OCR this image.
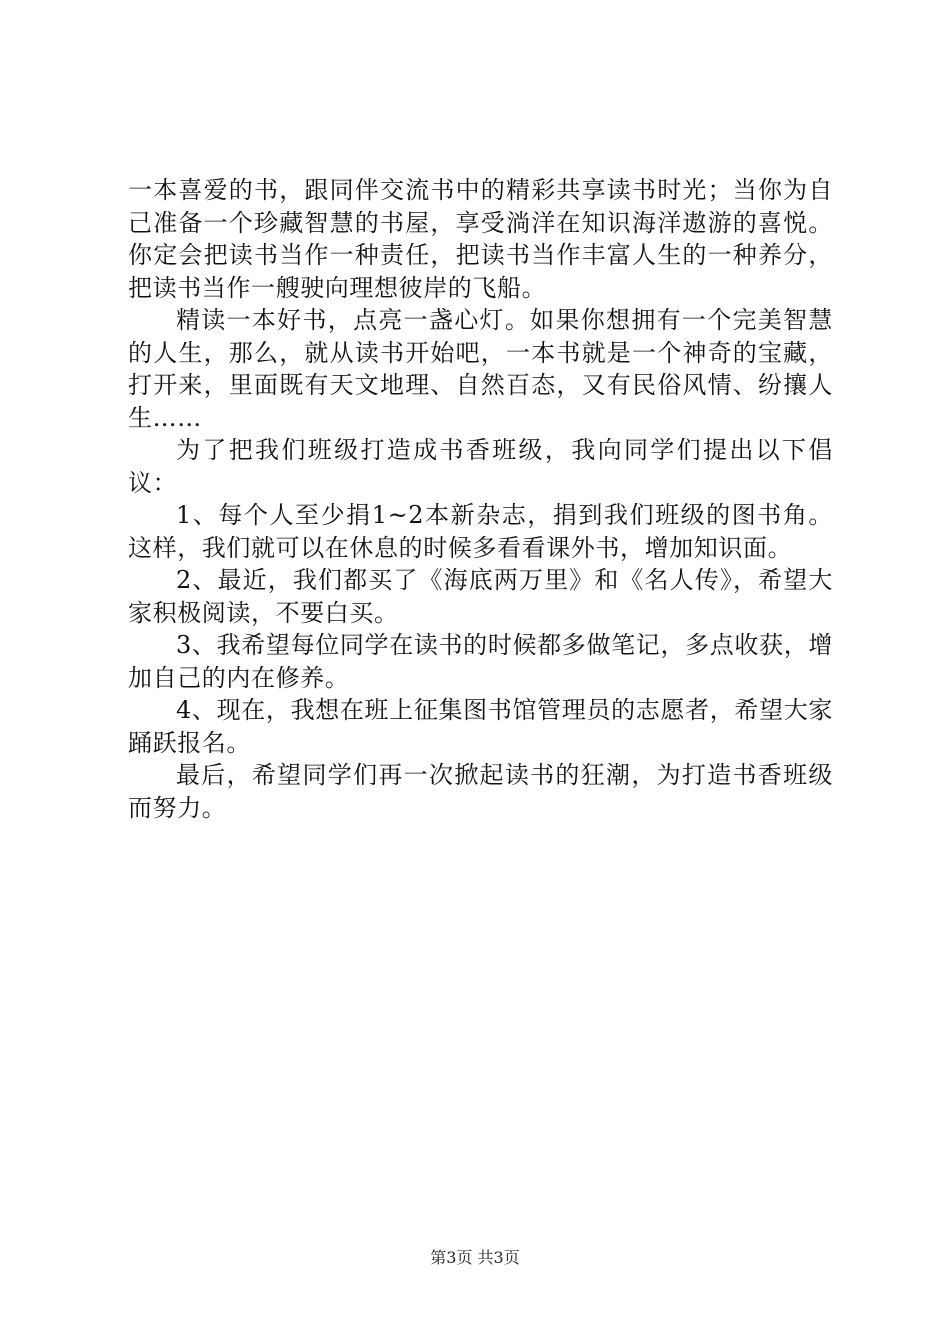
一本喜爱的书，跟同伴交流书中的精彩共享读书时光；当你为自己准备一个珍藏智慧的书屋，享受淌洋在知识海洋遨游的喜悦。你定会把读书当作一种责任，把读书当作丰富人生的一种养分，把读书当作一艘驶向理想彼岸的飞船。

精读一本好书，点亮一盏心灯。如果你想拥有一个完美智慧的人生，那么，就从读书开始吧，一本书就是一个神奇的宝藏，打开来，里面既有天文地理、自然百态，又有民俗风情、纷攘人生……

为了把我们班级打造成书香班级，我向同学们提出以下倡议：

1、每个人至少捐1~2本新杂志，捐到我们班级的图书角。这样，我们就可以在休息的时候多看看课外书，增加知识面。

2、最近，我们都买了《海底两万里》和《名人传》，希望大家积极阅读，不要白买。

3、我希望每位同学在读书的时候都多做笔记，多点收获，增加自己的内在修养。

4、现在，我想在班上征集图书馆管理员的志愿者，希望大家踊跃报名。

最后，希望同学们再一次掀起读书的狂潮，为打造书香班级而努力。

第3页 共3页
